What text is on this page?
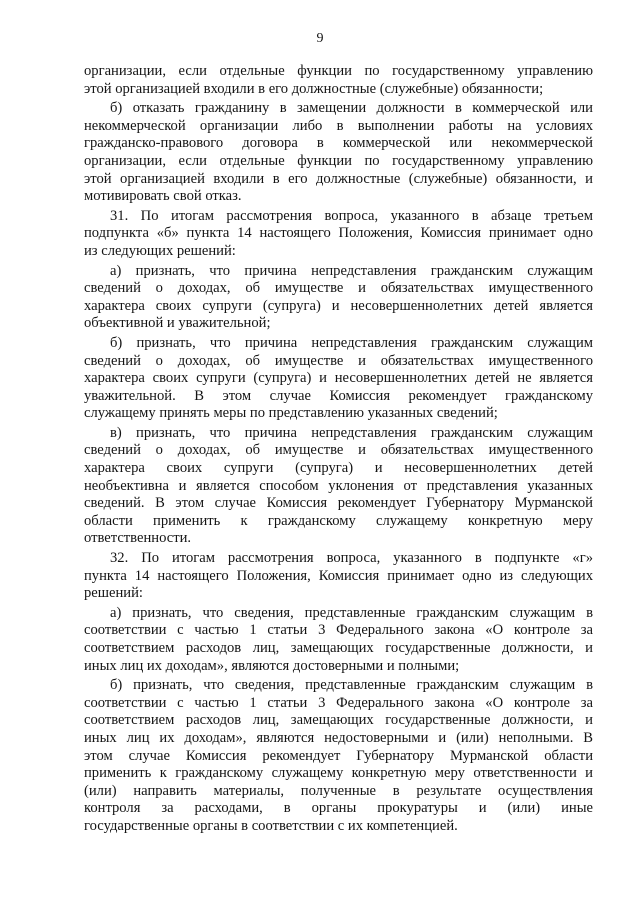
9
организации, если отдельные функции по государственному управлению
этой организацией входили в его должностные (служебные) обязанности;
б) отказать гражданину в замещении должности в коммерческой или
некоммерческой организации либо в выполнении работы на условиях
гражданско-правового договора в коммерческой или некоммерческой
организации, если отдельные функции по государственному управлению
этой организацией входили в его должностные (служебные) обязанности, и
мотивировать свой отказ.
31. По итогам рассмотрения вопроса, указанного в абзаце третьем
подпункта «б» пункта 14 настоящего Положения, Комиссия принимает одно
из следующих решений:
а) признать, что причина непредставления гражданским служащим
сведений о доходах, об имуществе и обязательствах имущественного
характера своих супруги (супруга) и несовершеннолетних детей является
объективной и уважительной;
б) признать, что причина непредставления гражданским служащим
сведений о доходах, об имуществе и обязательствах имущественного
характера своих супруги (супруга) и несовершеннолетних детей не является
уважительной. В этом случае Комиссия рекомендует гражданскому
служащему принять меры по представлению указанных сведений;
в) признать, что причина непредставления гражданским служащим
сведений о доходах, об имуществе и обязательствах имущественного
характера своих супруги (супруга) и несовершеннолетних детей
необъективна и является способом уклонения от представления указанных
сведений. В этом случае Комиссия рекомендует Губернатору Мурманской
области применить к гражданскому служащему конкретную меру
ответственности.
32. По итогам рассмотрения вопроса, указанного в подпункте «г»
пункта 14 настоящего Положения, Комиссия принимает одно из следующих
решений:
а) признать, что сведения, представленные гражданским служащим в
соответствии с частью 1 статьи 3 Федерального закона «О контроле за
соответствием расходов лиц, замещающих государственные должности, и
иных лиц их доходам», являются достоверными и полными;
б) признать, что сведения, представленные гражданским служащим в
соответствии с частью 1 статьи 3 Федерального закона «О контроле за
соответствием расходов лиц, замещающих государственные должности, и
иных лиц их доходам», являются недостоверными и (или) неполными. В
этом случае Комиссия рекомендует Губернатору Мурманской области
применить к гражданскому служащему конкретную меру ответственности и
(или) направить материалы, полученные в результате осуществления
контроля за расходами, в органы прокуратуры и (или) иные
государственные органы в соответствии с их компетенцией.
